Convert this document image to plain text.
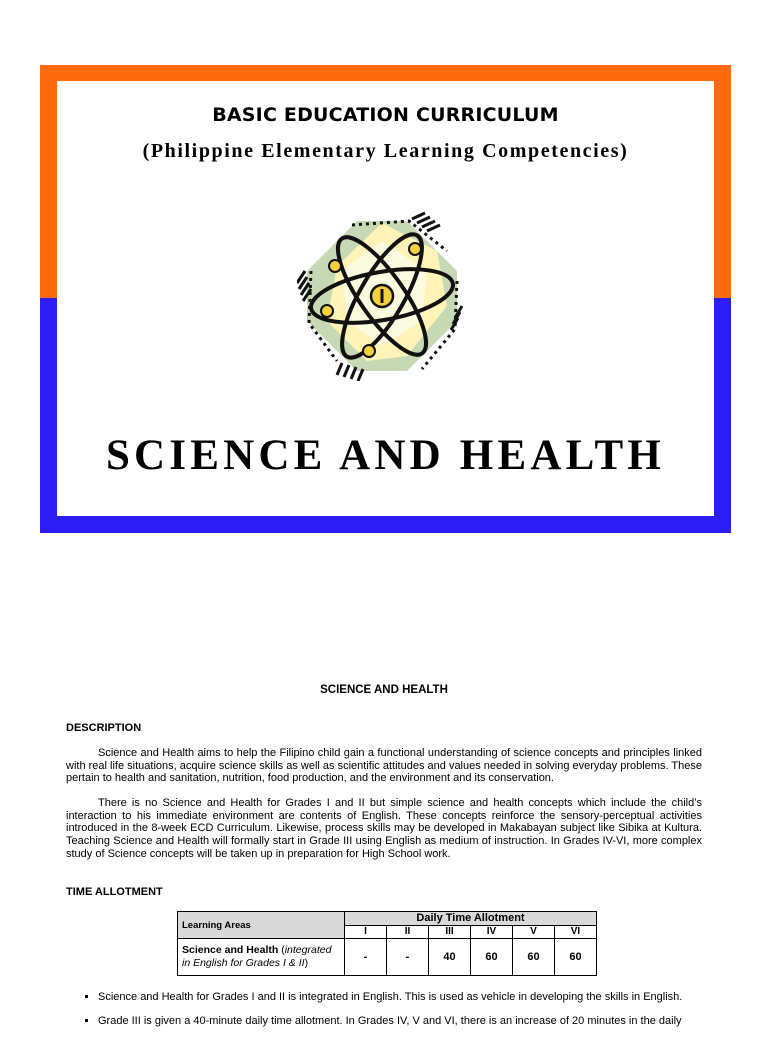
BASIC EDUCATION CURRICULUM
(Philippine Elementary Learning Competencies)
SCIENCE AND HEALTH
SCIENCE AND HEALTH
DESCRIPTION

Science and Health aims to help the Filipino child gain a functional understanding of science concepts and principles linked with real life situations, acquire science skills as well as scientific attitudes and values needed in solving everyday problems. These pertain to health and sanitation, nutrition, food production, and the environment and its conservation.

There is no Science and Health for Grades I and II but simple science and health concepts which include the child’s interaction to his immediate environment are contents of English. These concepts reinforce the sensory-perceptual activities introduced in the 8-week ECD Curriculum. Likewise, process skills may be developed in Makabayan subject like Sibika at Kultura. Teaching Science and Health will formally start in Grade III using English as medium of instruction. In Grades IV-VI, more complex study of Science concepts will be taken up in preparation for High School work.

TIME ALLOTMENT
Learning Areas	Daily Time Allotment					
	I	II	III	IV	V	VI
Science and Health (integrated in English for Grades I & II)	-	-	40	60	60	60
▪ Science and Health for Grades I and II is integrated in English. This is used as vehicle in developing the skills in English.
▪ Grade III is given a 40-minute daily time allotment. In Grades IV, V and VI, there is an increase of 20 minutes in the daily
